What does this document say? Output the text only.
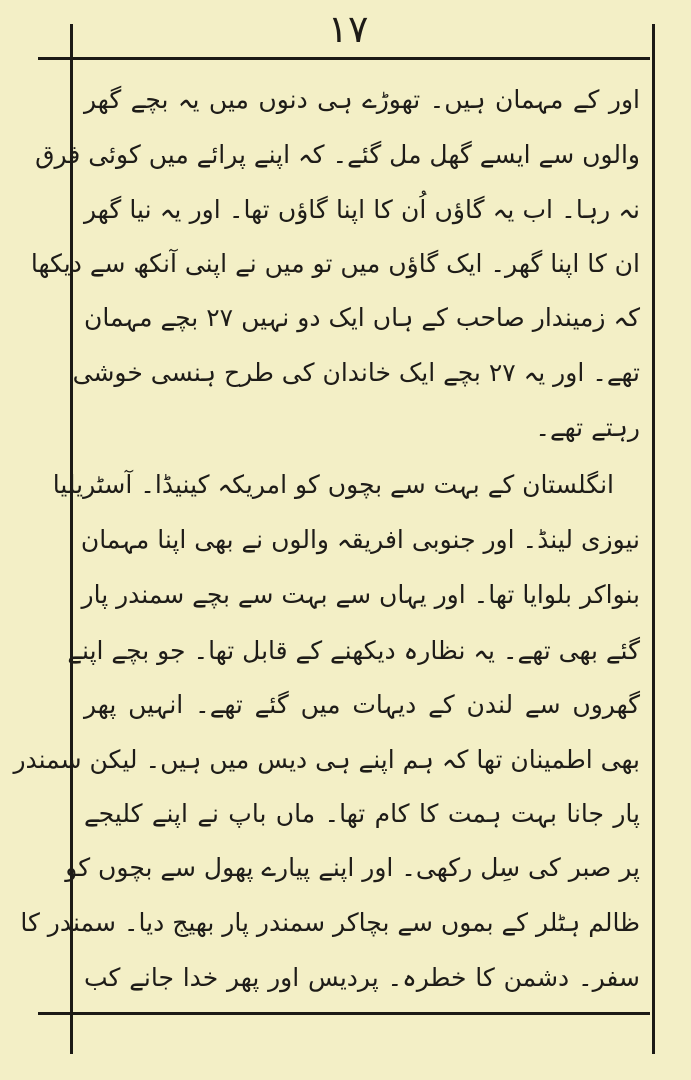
۱۷
اور کے مہمان ہیں۔ تھوڑے ہی دنوں میں یہ بچے گھر
والوں سے ایسے گھل مل گئے۔ کہ اپنے پرائے میں کوئی فرق
نہ رہا۔ اب یہ گاؤں اُن کا اپنا گاؤں تھا۔ اور یہ نیا گھر
ان کا اپنا گھر۔ ایک گاؤں میں تو میں نے اپنی آنکھ سے دیکھا
کہ زمیندار صاحب کے ہاں ایک دو نہیں ۲۷ بچے مہمان
تھے۔ اور یہ ۲۷ بچے ایک خاندان کی طرح ہنسی خوشی
رہتے تھے۔
انگلستان کے بہت سے بچوں کو امریکہ کینیڈا۔ آسٹریلیا
نیوزی لینڈ۔ اور جنوبی افریقہ والوں نے بھی اپنا مہمان
بنواکر بلوایا تھا۔ اور یہاں سے بہت سے بچے سمندر پار
گئے بھی تھے۔ یہ نظارہ دیکھنے کے قابل تھا۔ جو بچے اپنے
گھروں سے لندن کے دیہات میں گئے تھے۔ انہیں پھر
بھی اطمینان تھا کہ ہم اپنے ہی دیس میں ہیں۔ لیکن سمندر
پار جانا بہت ہمت کا کام تھا۔ ماں باپ نے اپنے کلیجے
پر صبر کی سِل رکھی۔ اور اپنے پیارے پھول سے بچوں کو
ظالم ہٹلر کے بموں سے بچاکر سمندر پار بھیج دیا۔ سمندر کا
سفر۔ دشمن کا خطرہ۔ پردیس اور پھر خدا جانے کب
